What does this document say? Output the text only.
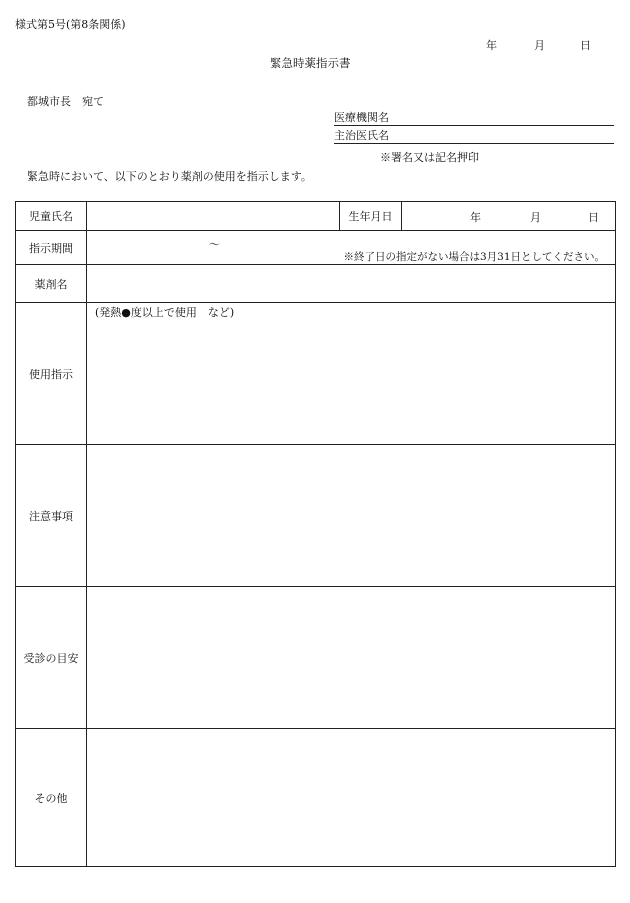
様式第5号(第8条関係)
年	月	日
緊急時薬指示書
都城市長　宛て
医療機関名
主治医氏名
※署名又は記名押印
緊急時において、以下のとおり薬剤の使用を指示します。
児童氏名		生年月日	年 月 日

指示期間	～
※終了日の指定がない場合は3月31日としてください。		

薬剤名			
使用指示	(発熱●度以上で使用　など)		

注意事項			
受診の目安			
その他			
